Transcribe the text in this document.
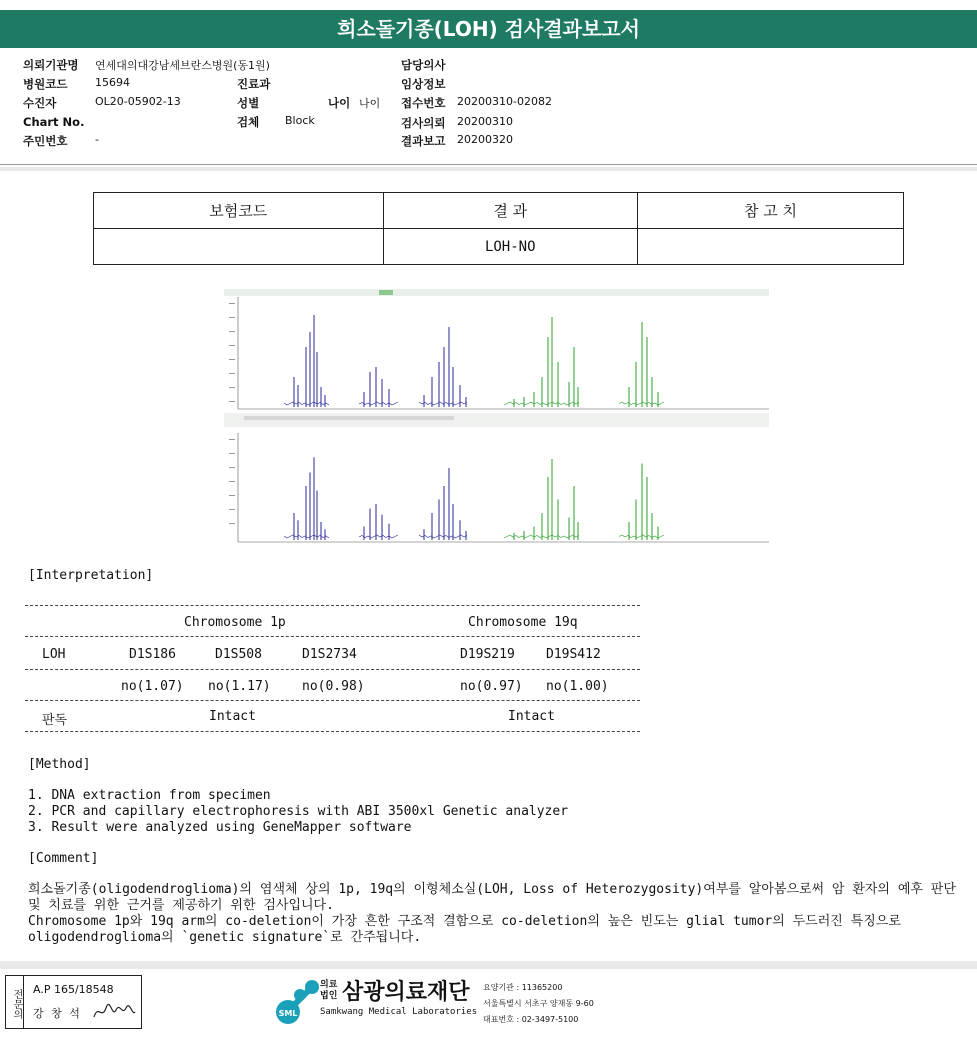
희소돌기종(LOH) 검사결과보고서
의뢰기관명 연세대의대강남세브란스병원(동1원)
병원코드	15694	진료과
수진자	OL20-05902-13	성별	나이 나이
Chart No.	검체 Block
주민번호	-
담당의사
임상정보
접수번호 20200310-02082
검사의뢰 20200310
결과보고 20200320
보험코드	결 과	참 고 치
	LOH-NO	
[Interpretation]
Chromosome 1p	Chromosome 19q
LOH	D1S186	D1S508	D1S2734	D19S219 D19S412
no(1.07) no(1.17) no(0.98)	no(0.97) no(1.00)
판독	Intact	Intact
[Method]
1. DNA extraction from specimen
2. PCR and capillary electrophoresis with ABI 3500xl Genetic analyzer
3. Result were analyzed using GeneMapper software
[Comment]
희소돌기종(oligodendroglioma)의 염색체 상의 1p, 19q의 이형체소실(LOH, Loss of Heterozygosity)여부를 알아봄으로써 암 환자의 예후 판단 및 치료를 위한 근거를 제공하기 위한 검사입니다.
Chromosome 1p와 19q arm의 co-deletion이 가장 흔한 구조적 결함으로 co-deletion의 높은 빈도는 glial tumor의 두드러진 특징으로 oligodendroglioma의 `genetic signature`로 간주됩니다.
전문의 A.P 165/18548
강 창 석	SML
의료
법인 삼광의료재단
Samkwang Medical Laboratories
요양기관 : 11365200
서울특별시 서초구 양재동 9-60
대표번호 : 02-3497-5100
